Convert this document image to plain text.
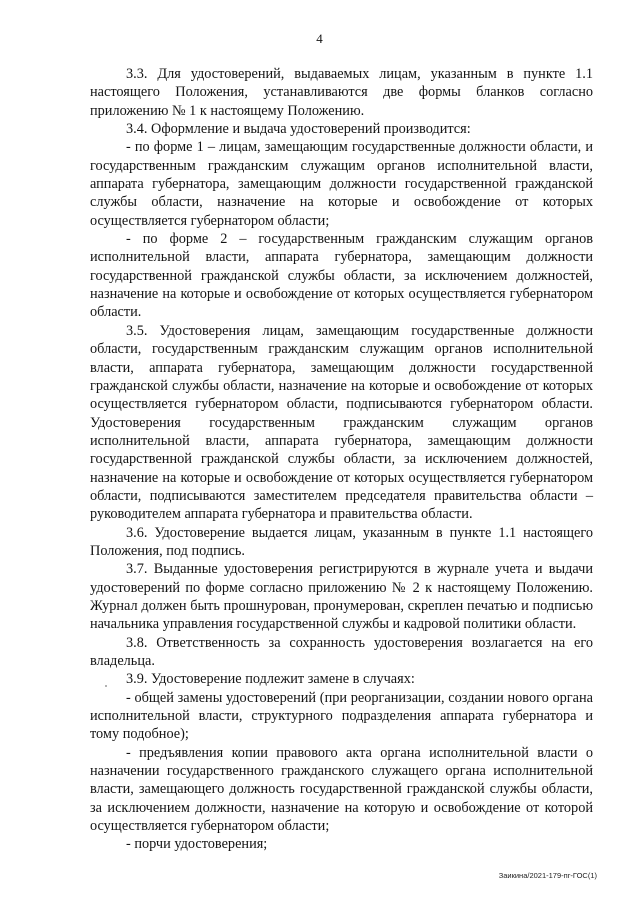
4

3.3. Для удостоверений, выдаваемых лицам, указанным в пункте 1.1 настоящего Положения, устанавливаются две формы бланков согласно приложению № 1 к настоящему Положению.

3.4. Оформление и выдача удостоверений производится:

- по форме 1 – лицам, замещающим государственные должности области, и государственным гражданским служащим органов исполнительной власти, аппарата губернатора, замещающим должности государственной гражданской службы области, назначение на которые и освобождение от которых осуществляется губернатором области;

- по форме 2 – государственным гражданским служащим органов исполнительной власти, аппарата губернатора, замещающим должности государственной гражданской службы области, за исключением должностей, назначение на которые и освобождение от которых осуществляется губернатором области.

3.5. Удостоверения лицам, замещающим государственные должности области, государственным гражданским служащим органов исполнительной власти, аппарата губернатора, замещающим должности государственной гражданской службы области, назначение на которые и освобождение от которых осуществляется губернатором области, подписываются губернатором области. Удостоверения государственным гражданским служащим органов исполнительной власти, аппарата губернатора, замещающим должности государственной гражданской службы области, за исключением должностей, назначение на которые и освобождение от которых осуществляется губернатором области, подписываются заместителем председателя правительства области – руководителем аппарата губернатора и правительства области.

3.6. Удостоверение выдается лицам, указанным в пункте 1.1 настоящего Положения, под подпись.

3.7. Выданные удостоверения регистрируются в журнале учета и выдачи удостоверений по форме согласно приложению № 2 к настоящему Положению. Журнал должен быть прошнурован, пронумерован, скреплен печатью и подписью начальника управления государственной службы и кадровой политики области.

3.8. Ответственность за сохранность удостоверения возлагается на его владельца.

3.9. Удостоверение подлежит замене в случаях:

- общей замены удостоверений (при реорганизации, создании нового органа исполнительной власти, структурного подразделения аппарата губернатора и тому подобное);

- предъявления копии правового акта органа исполнительной власти о назначении государственного гражданского служащего органа исполнительной власти, замещающего должность государственной гражданской службы области, за исключением должности, назначение на которую и освобождение от которой осуществляется губернатором области;

- порчи удостоверения;

Заикина/2021-179-пг-ГОС(1)
